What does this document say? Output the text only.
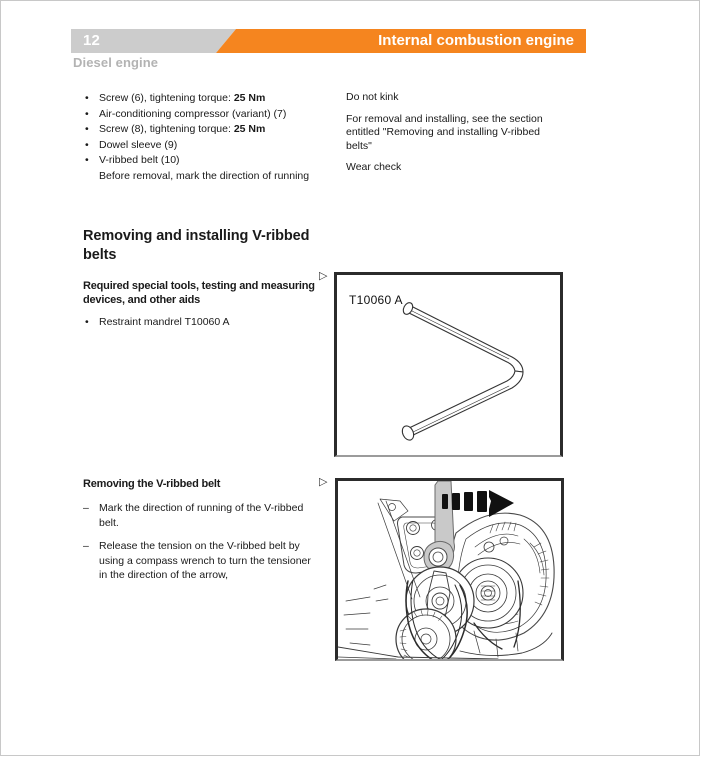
12	Internal combustion engine
Diesel engine
• Screw (6), tightening torque: 25 Nm
• Air-conditioning compressor (variant) (7)
• Screw (8), tightening torque: 25 Nm
• Dowel sleeve (9)
• V-ribbed belt (10)
Before removal, mark the direction of running

Do not kink

For removal and installing, see the section entitled "Removing and installing V-ribbed belts"

Wear check

Removing and installing V-ribbed belts
Required special tools, testing and measuring devices, and other aids
• Restraint mandrel T10060 A
▷
T10060 A
Removing the V-ribbed belt
– Mark the direction of running of the V-ribbed belt.
– Release the tension on the V-ribbed belt by using a compass wrench to turn the tensioner in the direction of the arrow,
▷
